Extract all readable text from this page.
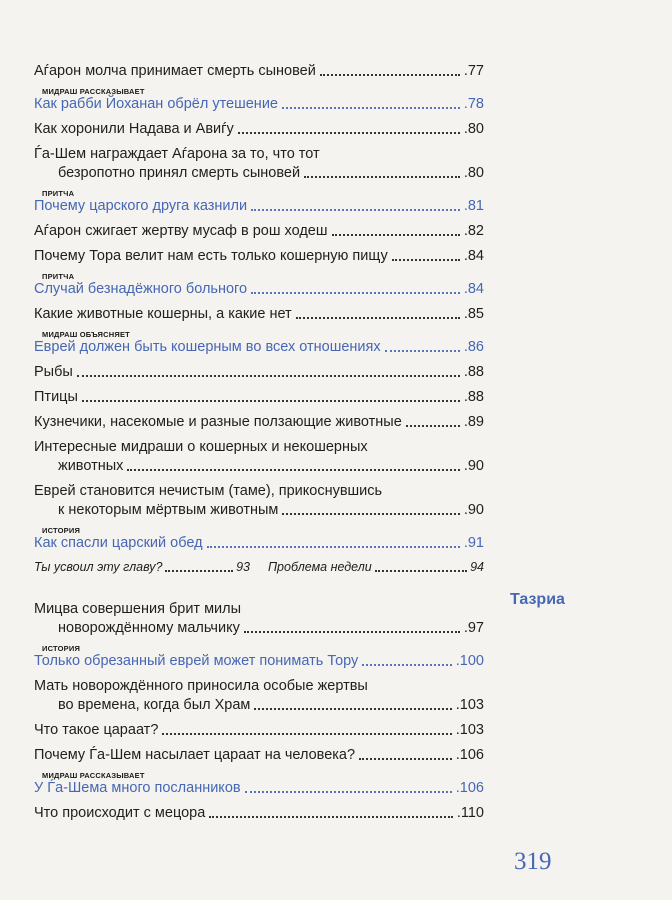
Аѓарон молча принимает смерть сыновей	.77
МИДРАШ РАССКАЗЫВАЕТ
Как рабби Йоханан обрёл утешение	.78
Как хоронили Надава и Авиѓу	.80
Ѓа-Шем награждает Аѓарона за то, что тот
безропотно принял смерть сыновей	.80
ПРИТЧА
Почему царского друга казнили	.81
Аѓарон сжигает жертву мусаф в рош ходеш	.82
Почему Тора велит нам есть только кошерную пищу	.84
ПРИТЧА
Случай безнадёжного больного	.84
Какие животные кошерны, а какие нет	.85
МИДРАШ ОБЪЯСНЯЕТ
Еврей должен быть кошерным во всех отношениях	.86
Рыбы	.88
Птицы	.88
Кузнечики, насекомые и разные ползающие животные	.89
Интересные мидраши о кошерных и некошерных
животных	.90
Еврей становится нечистым (таме), прикоснувшись
к некоторым мёртвым животным	.90
ИСТОРИЯ
Как спасли царский обед	.91
Ты усвоил эту главу?	93 Проблема недели	94
Мицва совершения брит милы
новорождённому мальчику	.97
ИСТОРИЯ
Только обрезанный еврей может понимать Тору	.100
Мать новорождённого приносила особые жертвы
во времена, когда был Храм	.103
Что такое цараат?	.103
Почему Ѓа-Шем насылает цараат на человека?	.106
МИДРАШ РАССКАЗЫВАЕТ
У Ѓа-Шема много посланников	.106
Что происходит с мецора	.110
Тазриа
319
